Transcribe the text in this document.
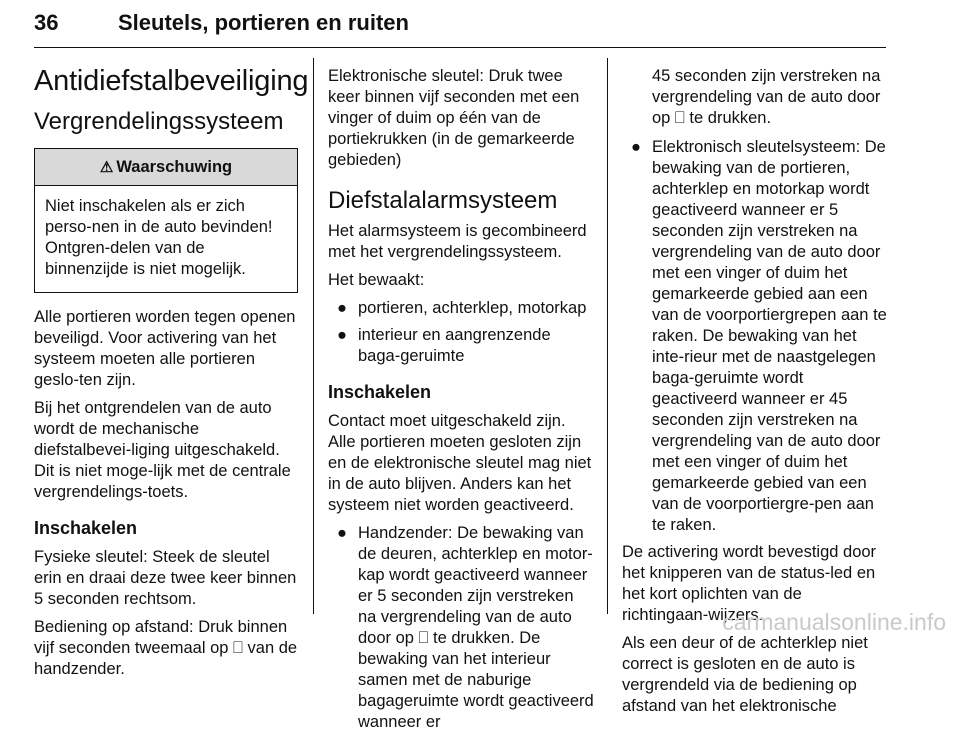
36	Sleutels, portieren en ruiten
Antidiefstalbeveiliging
Vergrendelingssysteem
⚠ Waarschuwing
Niet inschakelen als er zich perso-nen in de auto bevinden! Ontgren-delen van de binnenzijde is niet mogelijk.

Alle portieren worden tegen openen beveiligd. Voor activering van het systeem moeten alle portieren geslo-ten zijn.

Bij het ontgrendelen van de auto wordt de mechanische diefstalbevei-liging uitgeschakeld. Dit is niet moge-lijk met de centrale vergrendelings-toets.

Inschakelen

Fysieke sleutel: Steek de sleutel erin en draai deze twee keer binnen 5 seconden rechtsom.

Bediening op afstand: Druk binnen vijf seconden tweemaal op ⎕ van de handzender.

Elektronische sleutel: Druk twee keer binnen vijf seconden met een vinger of duim op één van de portiekrukken (in de gemarkeerde gebieden)

Diefstalalarmsysteem

Het alarmsysteem is gecombineerd met het vergrendelingssysteem.

Het bewaakt:

● portieren, achterklep, motorkap
● interieur en aangrenzende baga-geruimte
Inschakelen

Contact moet uitgeschakeld zijn. Alle portieren moeten gesloten zijn en de elektronische sleutel mag niet in de auto blijven. Anders kan het systeem niet worden geactiveerd.

● Handzender: De bewaking van de deuren, achterklep en motor-kap wordt geactiveerd wanneer er 5 seconden zijn verstreken na vergrendeling van de auto door op ⎕ te drukken. De bewaking van het interieur samen met de naburige bagageruimte wordt geactiveerd wanneer er
45 seconden zijn verstreken na vergrendeling van de auto door op ⎕ te drukken.
● Elektronisch sleutelsysteem: De bewaking van de portieren, achterklep en motorkap wordt geactiveerd wanneer er 5 seconden zijn verstreken na vergrendeling van de auto door met een vinger of duim het gemarkeerde gebied aan een van de voorportiergrepen aan te raken. De bewaking van het inte-rieur met de naastgelegen baga-geruimte wordt geactiveerd wanneer er 45 seconden zijn verstreken na vergrendeling van de auto door met een vinger of duim het gemarkeerde gebied van een van de voorportiergre-pen aan te raken.

De activering wordt bevestigd door het knipperen van de status-led en het kort oplichten van de richtingaan-wijzers.

Als een deur of de achterklep niet correct is gesloten en de auto is vergrendeld via de bediening op afstand van het elektronische

carmanualsonline.info
